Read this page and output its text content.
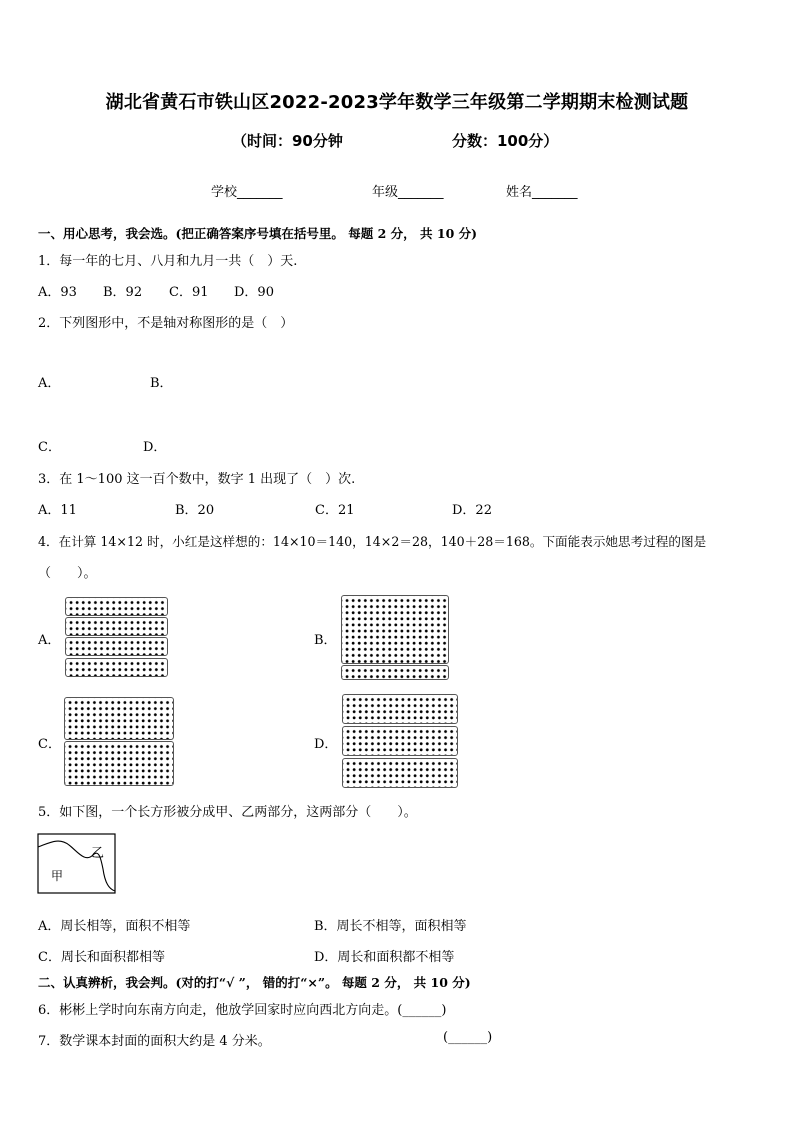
湖北省黄石市铁山区2022-2023学年数学三年级第二学期期末检测试题
（时间：90分钟	分数：100分）
学校_______	年级_______	姓名_______
一、用心思考，我会选。(把正确答案序号填在括号里。 每题 2 分， 共 10 分)
1．每一年的七月、八月和九月一共（　）天.
A．93 B．92 C．91 D．90
2．下列图形中，不是轴对称图形的是（　）
A．	B．
C．	D．
3．在 1～100 这一百个数中，数字 1 出现了（　）次.
A．11	B．20	C．21	D．22
4．在计算 14×12 时，小红是这样想的：14×10＝140，14×2＝28，140＋28＝168。下面能表示她思考过程的图是
（　　）。
A．	B．
C．	D．
5．如下图，一个长方形被分成甲、乙两部分，这两部分（　　）。
乙
甲
A．周长相等，面积不相等	B．周长不相等，面积相等
C．周长和面积都相等	D．周长和面积都不相等
二、认真辨析，我会判。(对的打“√ ”， 错的打“×”。 每题 2 分， 共 10 分)
6．彬彬上学时向东南方向走，他放学回家时应向西北方向走。(______)
7．数学课本封面的面积大约是 4 分米。	(______)
